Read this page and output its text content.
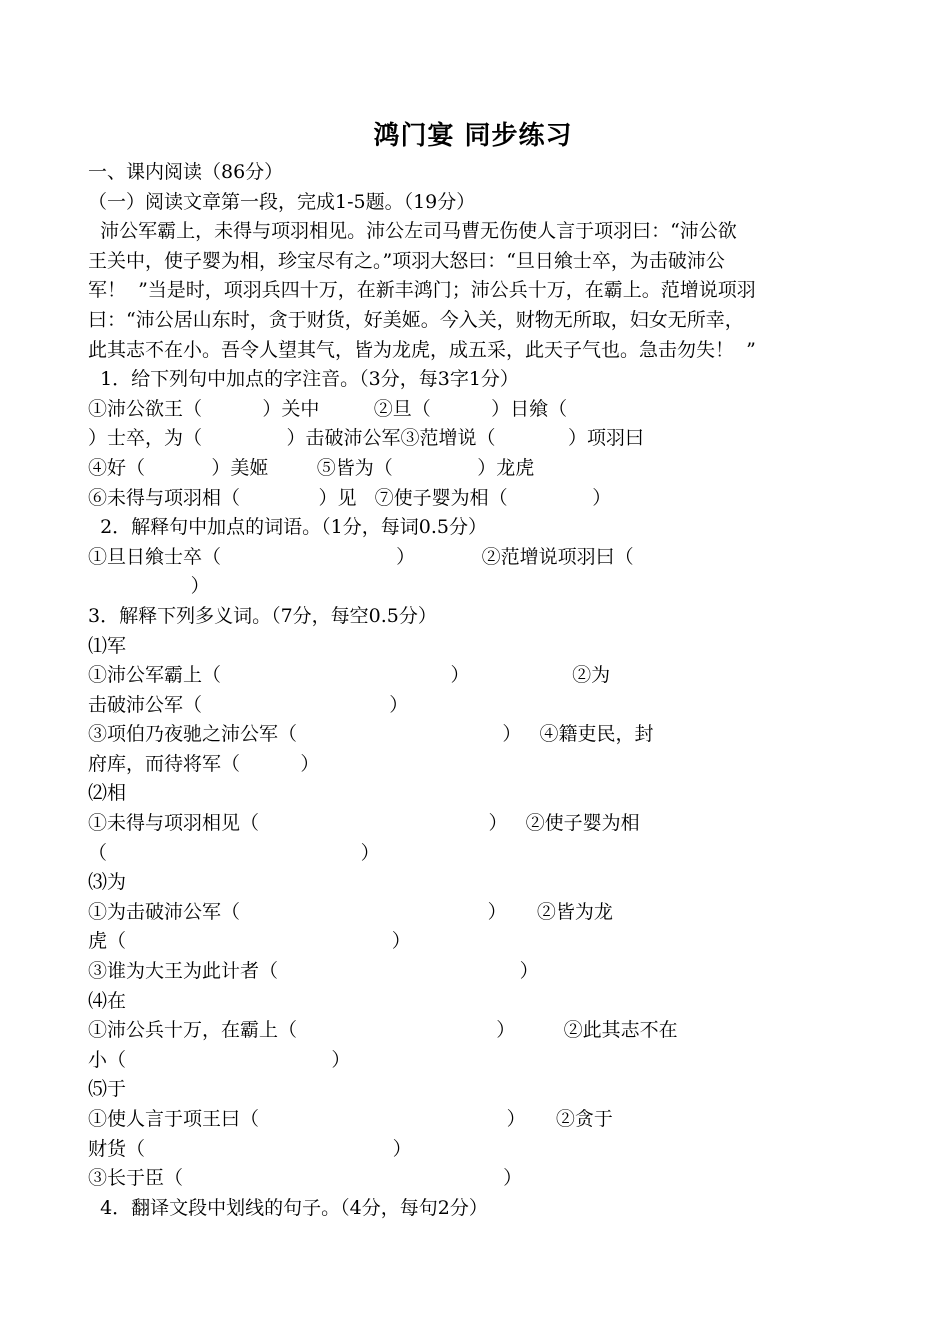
鸿门宴 同步练习
一、课内阅读（86分）
（一）阅读文章第一段，完成1-5题。（19分）
沛公军霸上，未得与项羽相见。沛公左司马曹无伤使人言于项羽曰：“沛公欲
王关中，使子婴为相，珍宝尽有之。”项羽大怒曰：“旦日飨士卒，为击破沛公
军！  ”当是时，项羽兵四十万，在新丰鸿门；沛公兵十万，在霸上。范增说项羽
曰：“沛公居山东时，贪于财货，好美姬。今入关，财物无所取，妇女无所幸，
此其志不在小。吾令人望其气，皆为龙虎，成五采，此天子气也。急击勿失！  ”
1．给下列句中加点的字注音。（3分，每3字1分）
①沛公欲王（          ）关中         ②旦（          ）日飨（
）士卒，为（              ）击破沛公军③范增说（            ）项羽曰
④好（           ）美姬        ⑤皆为（              ）龙虎
⑥未得与项羽相（             ）见   ⑦使子婴为相（              ）
2．解释句中加点的词语。（1分，每词0.5分）
①旦日飨士卒（                             ）           ②范增说项羽曰（
）
3．解释下列多义词。（7分，每空0.5分）
⑴军
①沛公军霸上（                                      ）                 ②为
击破沛公军（                               ）
③项伯乃夜驰之沛公军（                                  ）   ④籍吏民，封
府库，而待将军（          ）
⑵相
①未得与项羽相见（                                      ）   ②使子婴为相
（                                          ）
⑶为
①为击破沛公军（                                         ）     ②皆为龙
虎（                                            ）
③谁为大王为此计者（                                        ）
⑷在
①沛公兵十万，在霸上（                                 ）        ②此其志不在
小（                                  ）
⑸于
①使人言于项王曰（                                         ）     ②贪于
财货（                                         ）
③长于臣（                                                     ）
4．翻译文段中划线的句子。（4分，每句2分）
